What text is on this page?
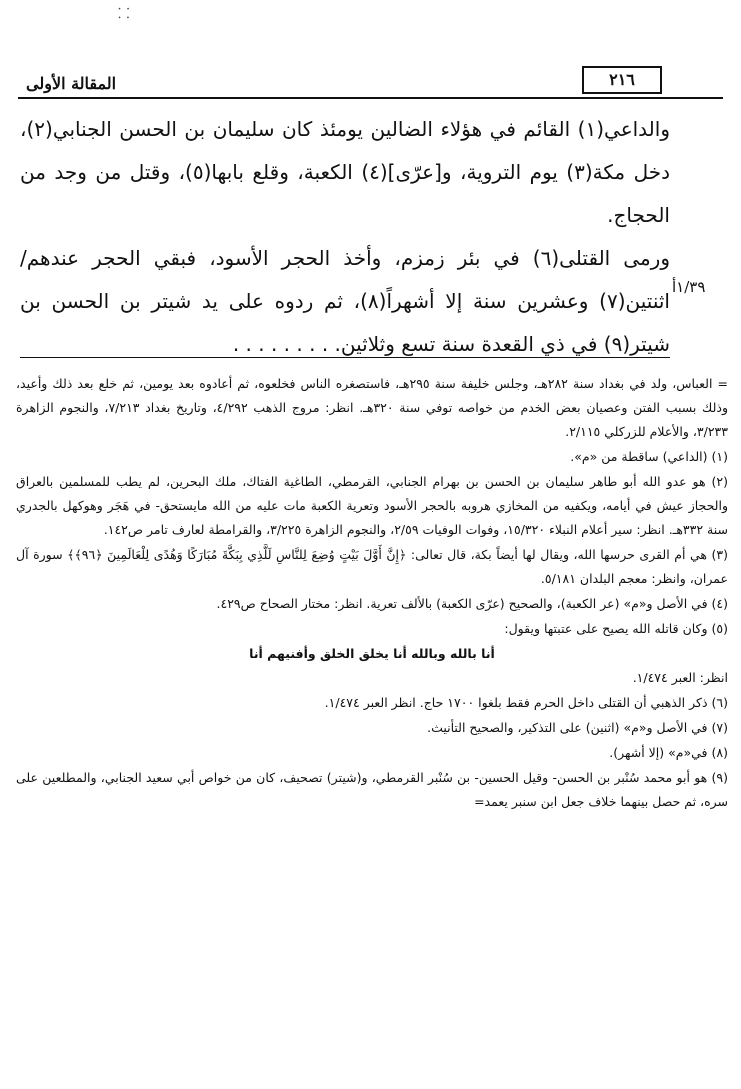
⸬
المقالة الأولى	٢١٦

والداعي(١) القائم في هؤلاء الضالين يومئذ كان سليمان بن الحسن الجنابي(٢)، دخل مكة(٣) يوم التروية، و[عرّى](٤) الكعبة، وقلع بابها(٥)، وقتل من وجد من الحجاج.

ورمى القتلى(٦) في بئر زمزم، وأخذ الحجر الأسود، فبقي الحجر عندهم/ اثنتين(٧) وعشرين سنة إلا أشهراً(٨)، ثم ردوه على يد شيتر بن الحسن بن شيتر(٩) في ذي القعدة سنة تسع وثلاثين. . . . . . . . .

١/٣٩أ

= العباس، ولد في بغداد سنة ٢٨٢هـ، وجلس خليفة سنة ٢٩٥هـ، فاستصغره الناس فخلعوه، ثم أعادوه بعد يومين، ثم خلع بعد ذلك وأعيد، وذلك بسبب الفتن وعصيان بعض الخدم من خواصه توفي سنة ٣٢٠هـ. انظر: مروج الذهب ٤/٢٩٢، وتاريخ بغداد ٧/٢١٣، والنجوم الزاهرة ٣/٢٣٣، والأعلام للزركلي ٢/١١٥.

(١) (الداعي) ساقطة من «م».

(٢) هو عدو الله أبو طاهر سليمان بن الحسن بن بهرام الجنابي، القرمطي، الطاغية الفتاك، ملك البحرين، لم يطب للمسلمين بالعراق والحجاز عيش في أيامه، ويكفيه من المخازي هروبه بالحجر الأسود وتعرية الكعبة مات عليه من الله مايستحق- في هَجَر وهوكهل بالجدري سنة ٣٣٢هـ. انظر: سير أعلام النبلاء ١٥/٣٢٠، وفوات الوفيات ٢/٥٩، والنجوم الزاهرة ٣/٢٢٥، والقرامطة لعارف تامر ص١٤٢.

(٣) هي أم القرى حرسها الله، ويقال لها أيضاً بكة، قال تعالى: ﴿إِنَّ أَوَّلَ بَيْتٍ وُضِعَ لِلنَّاسِ لَلَّذِي بِبَكَّةَ مُبَارَكًا وَهُدًى لِلْعَالَمِينَ ﴿٩٦﴾﴾ سورة آل عمران، وانظر: معجم البلدان ٥/١٨١.

(٤) في الأصل و«م» (عر الكعبة)، والصحيح (عرّى الكعبة) بالألف تعرية. انظر: مختار الصحاح ص٤٢٩.

(٥) وكان قاتله الله يصيح على عتبتها ويقول:

أنا بالله وبالله أنا يخلق الخلق وأفنيهم أنا

انظر: العبر ١/٤٧٤.

(٦) ذكر الذهبي أن القتلى داخل الحرم فقط بلغوا ١٧٠٠ حاج. انظر العبر ١/٤٧٤.

(٧) في الأصل و«م» (اثنين) على التذكير، والصحيح التأنيث.

(٨) في«م» (إلا أشهر).

(٩) هو أبو محمد سُنْبر بن الحسن- وقيل الحسين- بن سُنْبر القرمطي، و(شيتر) تصحيف، كان من خواص أبي سعيد الجنابي، والمطلعين على سره، ثم حصل بينهما خلاف جعل ابن سنبر يعمد=
